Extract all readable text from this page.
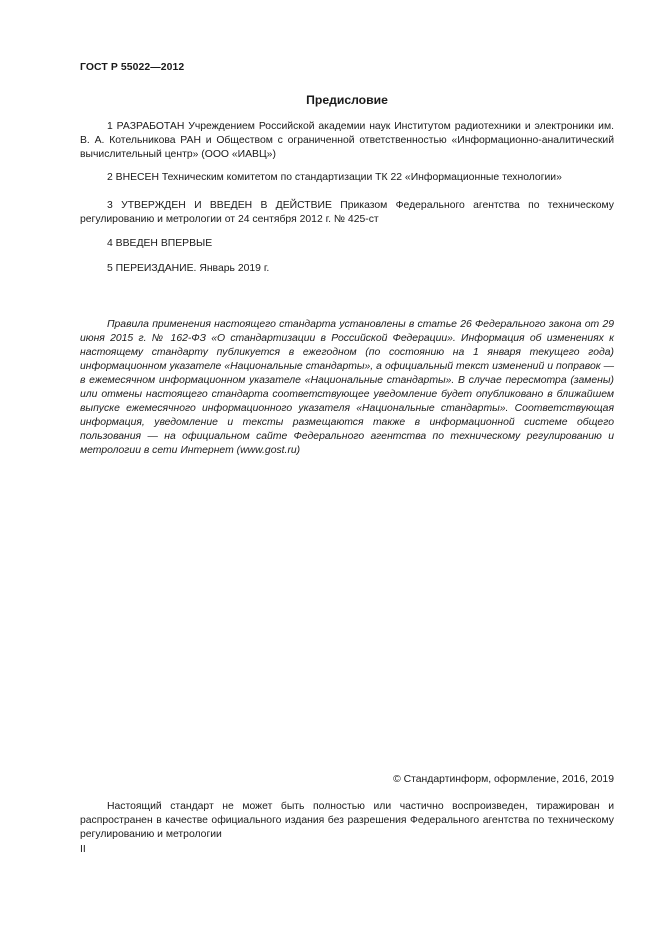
ГОСТ Р 55022—2012
Предисловие
1 РАЗРАБОТАН Учреждением Российской академии наук Институтом радиотехники и электроники им. В. А. Котельникова РАН и Обществом с ограниченной ответственностью «Информационно-аналитический вычислительный центр» (ООО «ИАВЦ»)
2 ВНЕСЕН Техническим комитетом по стандартизации ТК 22 «Информационные технологии»
3 УТВЕРЖДЕН И ВВЕДЕН В ДЕЙСТВИЕ Приказом Федерального агентства по техническому регулированию и метрологии от 24 сентября 2012 г. № 425-ст
4 ВВЕДЕН ВПЕРВЫЕ
5 ПЕРЕИЗДАНИЕ. Январь 2019 г.
Правила применения настоящего стандарта установлены в статье 26 Федерального закона от 29 июня 2015 г. № 162-ФЗ «О стандартизации в Российской Федерации». Информация об изменениях к настоящему стандарту публикуется в ежегодном (по состоянию на 1 января текущего года) информационном указателе «Национальные стандарты», а официальный текст изменений и поправок — в ежемесячном информационном указателе «Национальные стандарты». В случае пересмотра (замены) или отмены настоящего стандарта соответствующее уведомление будет опубликовано в ближайшем выпуске ежемесячного информационного указателя «Национальные стандарты». Соответствующая информация, уведомление и тексты размещаются также в информационной системе общего пользования — на официальном сайте Федерального агентства по техническому регулированию и метрологии в сети Интернет (www.gost.ru)
© Стандартинформ, оформление, 2016, 2019
Настоящий стандарт не может быть полностью или частично воспроизведен, тиражирован и распространен в качестве официального издания без разрешения Федерального агентства по техническому регулированию и метрологии
II
